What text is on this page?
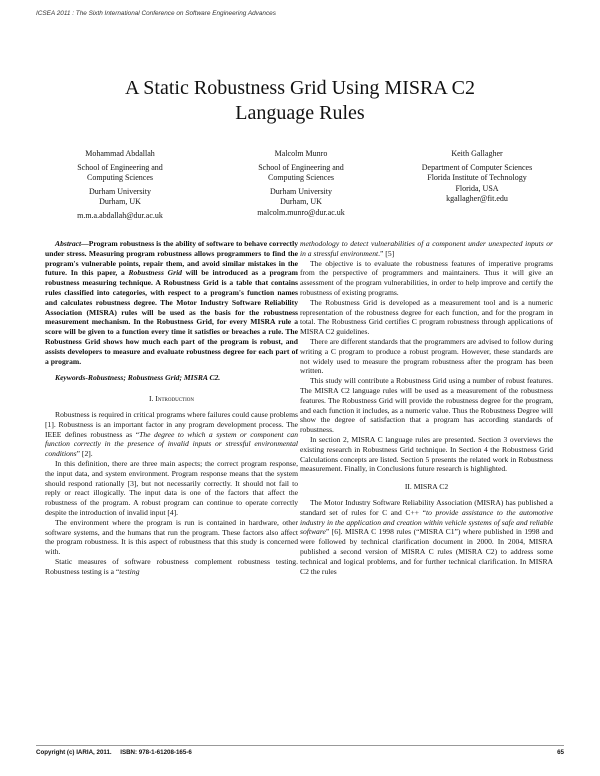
ICSEA 2011 : The Sixth International Conference on Software Engineering Advances
A Static Robustness Grid Using MISRA C2
Language Rules
Mohammad Abdallah
School of Engineering and
Computing Sciences
Durham University
Durham, UK
m.m.a.abdallah@dur.ac.uk
Malcolm Munro
School of Engineering and
Computing Sciences
Durham University
Durham, UK
malcolm.munro@dur.ac.uk
Keith Gallagher
Department of Computer Sciences
Florida Institute of Technology
Florida, USA
kgallagher@fit.edu

Abstract—Program robustness is the ability of software to behave correctly under stress. Measuring program robustness allows programmers to find the program's vulnerable points, repair them, and avoid similar mistakes in the future. In this paper, a Robustness Grid will be introduced as a program robustness measuring technique. A Robustness Grid is a table that contains rules classified into categories, with respect to a program's function names and calculates robustness degree. The Motor Industry Software Reliability Association (MISRA) rules will be used as the basis for the robustness measurement mechanism. In the Robustness Grid, for every MISRA rule a score will be given to a function every time it satisfies or breaches a rule. The Robustness Grid shows how much each part of the program is robust, and assists developers to measure and evaluate robustness degree for each part of a program.

Keywords-Robustness; Robustness Grid; MISRA C2.

I. Introduction

Robustness is required in critical programs where failures could cause problems [1]. Robustness is an important factor in any program development process. The IEEE defines robustness as “The degree to which a system or component can function correctly in the presence of invalid inputs or stressful environmental conditions” [2].

In this definition, there are three main aspects; the correct program response, the input data, and system environment. Program response means that the system should respond rationally [3], but not necessarily correctly. It should not fail to reply or react illogically. The input data is one of the factors that affect the robustness of the program. A robust program can continue to operate correctly despite the introduction of invalid input [4].

The environment where the program is run is contained in hardware, other software systems, and the humans that run the program. These factors also affect the program robustness. It is this aspect of robustness that this study is concerned with.

Static measures of software robustness complement robustness testing. Robustness testing is a “testing

methodology to detect vulnerabilities of a component under unexpected inputs or in a stressful environment.” [5]

The objective is to evaluate the robustness features of imperative programs from the perspective of programmers and maintainers. Thus it will give an assessment of the program vulnerabilities, in order to help improve and certify the robustness of existing programs.

The Robustness Grid is developed as a measurement tool and is a numeric representation of the robustness degree for each function, and for the program in total. The Robustness Grid certifies C program robustness through applications of MISRA C2 guidelines.

There are different standards that the programmers are advised to follow during writing a C program to produce a robust program. However, these standards are not widely used to measure the program robustness after the program has been written.

This study will contribute a Robustness Grid using a number of robust features. The MISRA C2 language rules will be used as a measurement of the robustness features. The Robustness Grid will provide the robustness degree for the program, and each function it includes, as a numeric value. Thus the Robustness Degree will show the degree of satisfaction that a program has according standards of robustness.

In section 2, MISRA C language rules are presented. Section 3 overviews the existing research in Robustness Grid technique. In Section 4 the Robustness Grid Calculations concepts are listed. Section 5 presents the related work in Robustness measurement. Finally, in Conclusions future research is highlighted.

II. MISRA C2

The Motor Industry Software Reliability Association (MISRA) has published a standard set of rules for C and C++ “to provide assistance to the automotive industry in the application and creation within vehicle systems of safe and reliable software” [6]. MISRA C 1998 rules (“MISRA C1”) where published in 1998 and were followed by technical clarification document in 2000. In 2004, MISRA published a second version of MISRA C rules (MISRA C2) to address some technical and logical problems, and for further technical clarification. In MISRA C2 the rules

Copyright (c) IARIA, 2011.     ISBN: 978-1-61208-165-6	65
